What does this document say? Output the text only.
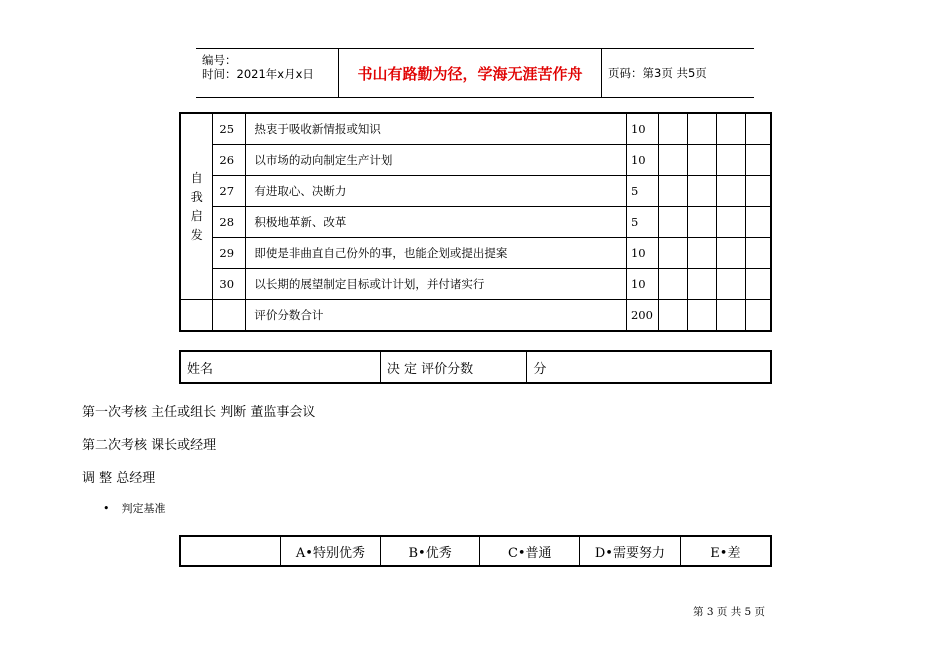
编号：
时间：2021年x月x日	书山有路勤为径，学海无涯苦作舟	页码：第3页 共5页
自我启发	25	热衷于吸收新情报或知识	10				
	26	以市场的动向制定生产计划	10				
	27	有进取心、决断力	5				
	28	积极地革新、改革	5				
	29	即使是非曲直自己份外的事，也能企划或提出提案	10				
	30	以长期的展望制定目标或计计划，并付诸实行	10				
		评价分数合计	200				
姓名	决 定 评价分数	分
第一次考核 主任或组长 判断 董监事会议
第二次考核 课长或经理
调 整 总经理
• 判定基准
	A•特别优秀	B•优秀	C•普通	D•需要努力	E•差
第 3 页 共 5 页
